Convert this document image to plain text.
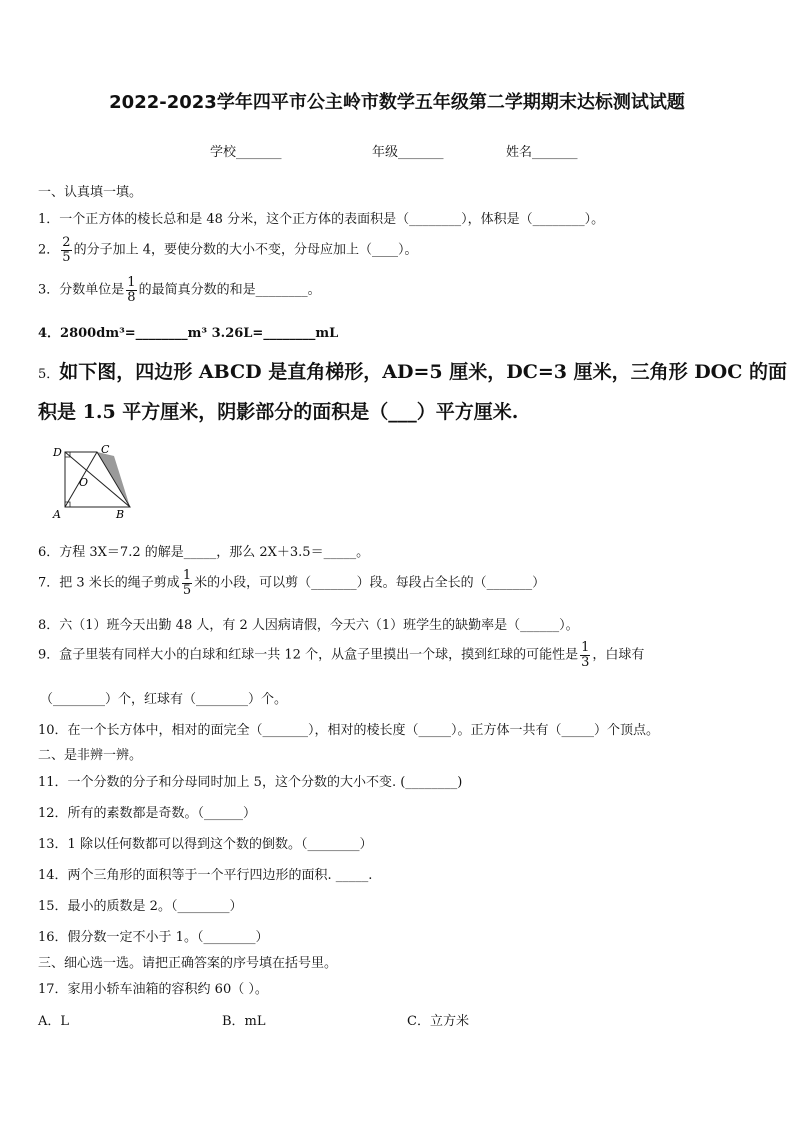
2022-2023学年四平市公主岭市数学五年级第二学期期末达标测试试题
学校_______	年级_______	姓名_______
一、认真填一填。
1．一个正方体的棱长总和是 48 分米，这个正方体的表面积是（________），体积是（________）。
2． $\frac{2}{5}$ 的分子加上 4，要使分数的大小不变，分母应加上（____）。
3．分数单位是 $\frac{1}{8}$ 的最简真分数的和是________。
4．2800dm³=________m³ 3.26L=________mL
5．如下图，四边形 ABCD 是直角梯形，AD=5 厘米，DC=3 厘米，三角形 DOC 的面
积是 1.5 平方厘米，阴影部分的面积是（___）平方厘米.
D	C
O
A	B
6．方程 3X＝7.2 的解是_____，那么 2X＋3.5＝_____。
7．把 3 米长的绳子剪成 $\frac{1}{5}$ 米的小段，可以剪（_______）段。每段占全长的（_______）
8．六（1）班今天出勤 48 人，有 2 人因病请假，今天六（1）班学生的缺勤率是（______）。
9．盒子里装有同样大小的白球和红球一共 12 个，从盒子里摸出一个球，摸到红球的可能性是 $\frac{1}{3}$ ，白球有
（________）个，红球有（________）个。
10．在一个长方体中，相对的面完全（_______），相对的棱长度（_____）。正方体一共有（_____）个顶点。
二、是非辨一辨。
11．一个分数的分子和分母同时加上 5，这个分数的大小不变. (________)
12．所有的素数都是奇数。（______）
13．1 除以任何数都可以得到这个数的倒数。（________）
14．两个三角形的面积等于一个平行四边形的面积. _____.
15．最小的质数是 2。（________）
16．假分数一定不小于 1。（________）
三、细心选一选。请把正确答案的序号填在括号里。
17．家用小轿车油箱的容积约 60（ ）。
A．L	B．mL	C．立方米
